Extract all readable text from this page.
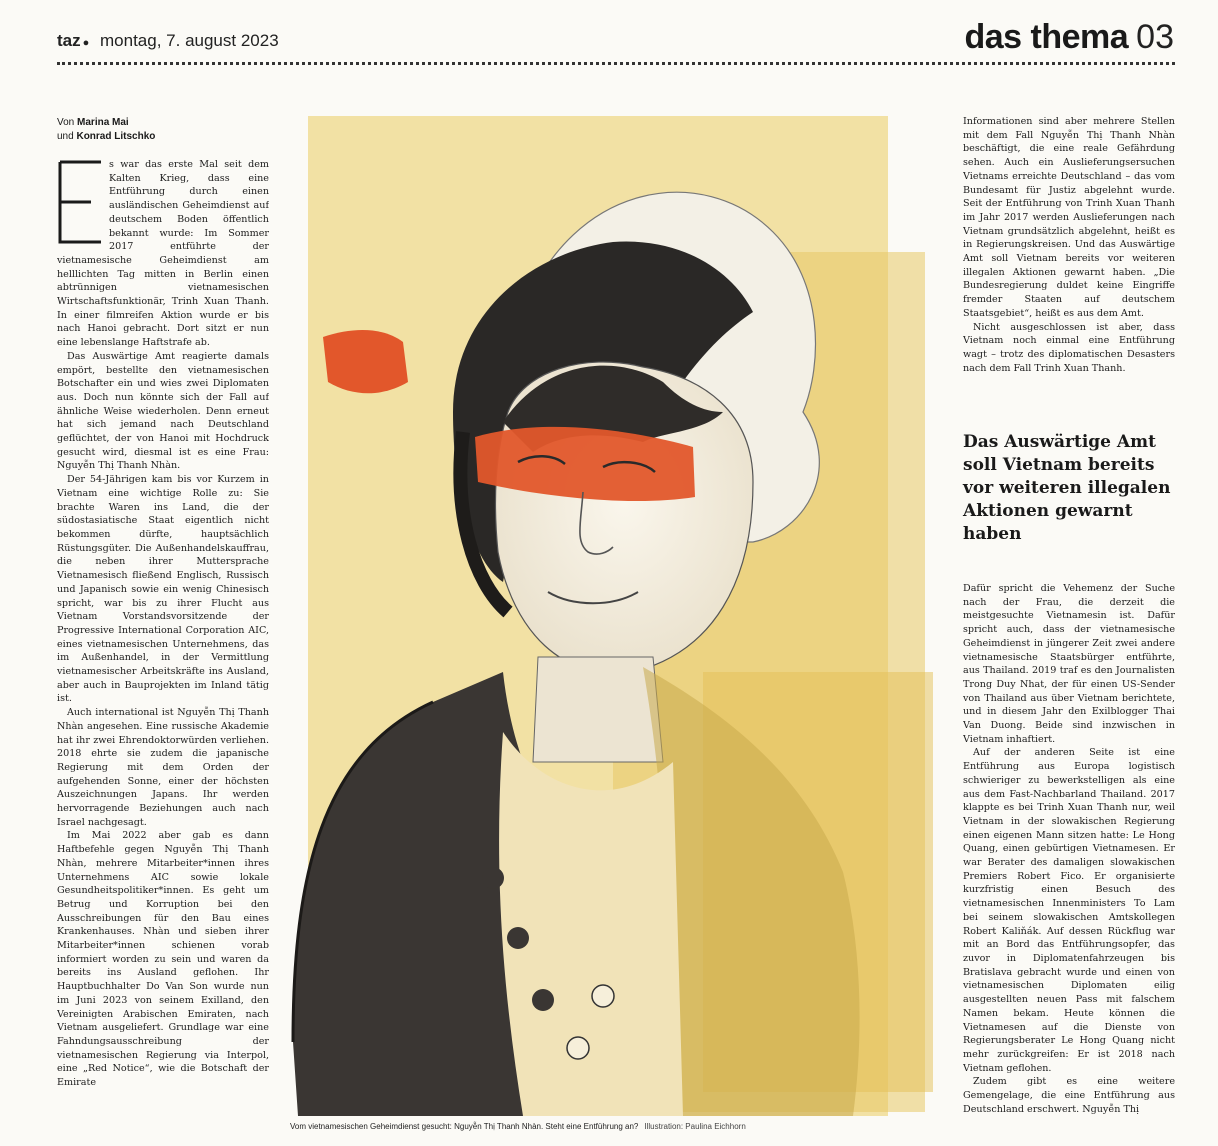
taz ● montag, 7. august 2023	das thema 03
Von Marina Mai
und Konrad Litschko

s war das erste Mal seit dem Kalten Krieg, dass eine Entführung durch einen ausländischen Geheimdienst auf deutschem Boden öffentlich bekannt wurde: Im Sommer 2017 entführte der vietnamesische Geheimdienst am helllichten Tag mitten in Berlin einen abtrünnigen vietnamesischen Wirtschaftsfunktionär, Trinh Xuan Thanh. In einer filmreifen Aktion wurde er bis nach Hanoi gebracht. Dort sitzt er nun eine lebenslange Haftstrafe ab.

Das Auswärtige Amt reagierte damals empört, bestellte den vietnamesischen Botschafter ein und wies zwei Diplomaten aus. Doch nun könnte sich der Fall auf ähnliche Weise wiederholen. Denn erneut hat sich jemand nach Deutschland geflüchtet, der von Hanoi mit Hochdruck gesucht wird, diesmal ist es eine Frau: Nguyễn Thị Thanh Nhàn.

Der 54-Jährigen kam bis vor Kurzem in Vietnam eine wichtige Rolle zu: Sie brachte Waren ins Land, die der südostasiatische Staat eigentlich nicht bekommen dürfte, hauptsächlich Rüstungsgüter. Die Außenhandelskauffrau, die neben ihrer Muttersprache Vietnamesisch fließend Englisch, Russisch und Japanisch sowie ein wenig Chinesisch spricht, war bis zu ihrer Flucht aus Vietnam Vorstandsvorsitzende der Progressive International Corporation AIC, eines vietnamesischen Unternehmens, das im Außenhandel, in der Vermittlung vietnamesischer Arbeitskräfte ins Ausland, aber auch in Bauprojekten im Inland tätig ist.

Auch international ist Nguyễn Thị Thanh Nhàn angesehen. Eine russische Akademie hat ihr zwei Ehrendoktorwürden verliehen. 2018 ehrte sie zudem die japanische Regierung mit dem Orden der aufgehenden Sonne, einer der höchsten Auszeichnungen Japans. Ihr werden hervorragende Beziehungen auch nach Israel nachgesagt.

Im Mai 2022 aber gab es dann Haftbefehle gegen Nguyễn Thị Thanh Nhàn, mehrere Mitarbeiter*innen ihres Unternehmens AIC sowie lokale Gesundheitspolitiker*innen. Es geht um Betrug und Korruption bei den Ausschreibungen für den Bau eines Krankenhauses. Nhàn und sieben ihrer Mitarbeiter*innen schienen vorab informiert worden zu sein und waren da bereits ins Ausland geflohen. Ihr Hauptbuchhalter Do Van Son wurde nun im Juni 2023 von seinem Exilland, den Vereinigten Arabischen Emiraten, nach Vietnam ausgeliefert. Grundlage war eine Fahndungsausschreibung der vietnamesischen Regierung via Interpol, eine „Red Notice“, wie die Botschaft der Emirate

Vom vietnamesischen Geheimdienst gesucht: Nguyễn Thị Thanh Nhàn. Steht eine Entführung an? Illustration: Paulina Eichhorn

Informationen sind aber mehrere Stellen mit dem Fall Nguyễn Thị Thanh Nhàn beschäftigt, die eine reale Gefährdung sehen. Auch ein Auslieferungsersuchen Vietnams erreichte Deutschland – das vom Bundesamt für Justiz abgelehnt wurde. Seit der Entführung von Trinh Xuan Thanh im Jahr 2017 werden Auslieferungen nach Vietnam grundsätzlich abgelehnt, heißt es in Regierungskreisen. Und das Auswärtige Amt soll Vietnam bereits vor weiteren illegalen Aktionen gewarnt haben. „Die Bundesregierung duldet keine Eingriffe fremder Staaten auf deutschem Staatsgebiet“, heißt es aus dem Amt.

Nicht ausgeschlossen ist aber, dass Vietnam noch einmal eine Entführung wagt – trotz des diplomatischen Desasters nach dem Fall Trinh Xuan Thanh.

Das Auswärtige Amt soll Vietnam bereits vor weiteren illegalen Aktionen gewarnt haben

Dafür spricht die Vehemenz der Suche nach der Frau, die derzeit die meistgesuchte Vietnamesin ist. Dafür spricht auch, dass der vietnamesische Geheimdienst in jüngerer Zeit zwei andere vietnamesische Staatsbürger entführte, aus Thailand. 2019 traf es den Journalisten Trong Duy Nhat, der für einen US-Sender von Thailand aus über Vietnam berichtete, und in diesem Jahr den Exilblogger Thai Van Duong. Beide sind inzwischen in Vietnam inhaftiert.

Auf der anderen Seite ist eine Entführung aus Europa logistisch schwieriger zu bewerkstelligen als eine aus dem Fast-Nachbarland Thailand. 2017 klappte es bei Trinh Xuan Thanh nur, weil Vietnam in der slowakischen Regierung einen eigenen Mann sitzen hatte: Le Hong Quang, einen gebürtigen Vietnamesen. Er war Berater des damaligen slowakischen Premiers Robert Fico. Er organisierte kurzfristig einen Besuch des vietnamesischen Innenministers To Lam bei seinem slowakischen Amtskollegen Robert Kaliňák. Auf dessen Rückflug war mit an Bord das Entführungsopfer, das zuvor in Diplomatenfahrzeugen bis Bratislava gebracht wurde und einen von vietnamesischen Diplomaten eilig ausgestellten neuen Pass mit falschem Namen bekam. Heute können die Vietnamesen auf die Dienste von Regierungsberater Le Hong Quang nicht mehr zurückgreifen: Er ist 2018 nach Vietnam geflohen.

Zudem gibt es eine weitere Gemengelage, die eine Entführung aus Deutschland erschwert. Nguyễn Thị
